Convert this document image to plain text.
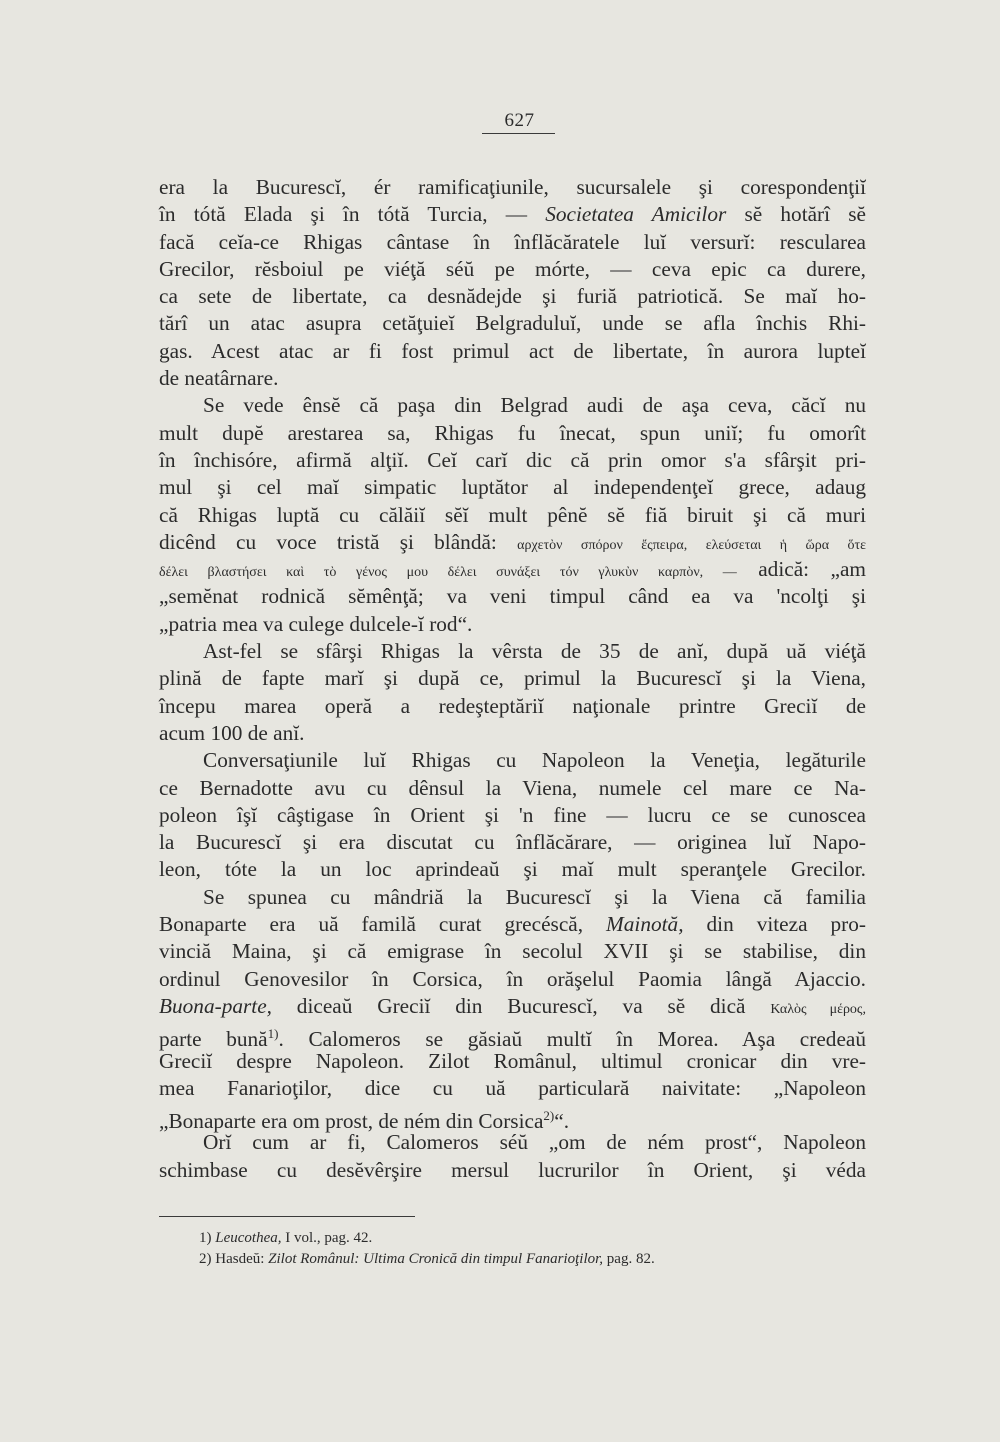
627
era la Bucurescĭ, ér ramificaţiunile, sucursalele şi corespondenţiĭ
în tótă Elada şi în tótă Turcia, — Societatea Amicilor sĕ hotărî sĕ
facă ceĭa-ce Rhigas cântase în înflăcăratele luĭ versurĭ: resculareа
Grecilor, rĕsboiul pe viéţă séŭ pe mórte, — ceva epic ca durere,
ca sete de libertate, ca desnădejde şi furiă patriotică. Se maĭ ho-
tărî un atac asupra cetăţuieĭ Belgraduluĭ, unde se afla închis Rhi-
gas. Acest atac ar fi fost primul act de libertate, în aurora lupteĭ
de neatârnare.
Se vede ênsĕ că paşa din Belgrad audi de aşa ceva, căcĭ nu
mult dupĕ arestarea sa, Rhigas fu înecat, spun uniĭ; fu omorît
în închisóre, afirmă alţiĭ. Ceĭ carĭ dic că prin omor s'a sfârşit pri-
mul şi cel maĭ simpatic luptător al independenţeĭ grece, adaug
că Rhigas luptă cu călăiĭ sĕĭ mult pênĕ sĕ fiă biruit şi că muri
dicênd cu voce tristă şi blândă: αρχετὸν σπόρον ἔςπειρα, ελεύσεται ἡ ὥρα ὅτε
δέλει βλαστήσει καὶ τὸ γένος μου δέλει συνάξει τόν γλυκὺν καρπὸν, — adică: „am
„semĕnat rodnică sĕmênţă; va veni timpul când ea va 'ncolţi şi
„patria mea va culege dulcele-ĭ rod“.
Ast-fel se sfârşi Rhigas la vêrsta de 35 de anĭ, după uă viéţă
plină de fapte marĭ şi după ce, primul la Bucurescĭ şi la Viena,
începu marea operă a redeşteptăriĭ naţionale printre Greciĭ de
acum 100 de anĭ.
Conversaţiunile luĭ Rhigas cu Napoleon la Veneţia, legăturile
ce Bernadotte avu cu dênsul la Viena, numele cel mare ce Na-
poleon îşĭ câştigase în Orient şi 'n fine — lucru ce se cunoscea
la Bucurescĭ şi era discutat cu înflăcărare, — originea luĭ Napo-
leon, tóte la un loc aprindeaŭ şi maĭ mult speranţele Grecilor.
Se spunea cu mândriă la Bucurescĭ şi la Viena că familia
Bonaparte era uă familă curat grecéscă, Mainotă, din viteza pro-
vinciă Maina, şi că emigrase în secolul XVII şi se stabilise, din
ordinul Genovesilor în Corsica, în orăşelul Paomia lângă Ajaccio.
Buona-parte, diceaŭ Greciĭ din Bucurescĭ, va sĕ dică Καλὸς μέρος,
parte bună$^{1)}$. Calomeros se găsiaŭ multĭ în Morea. Aşa credeaŭ
Greciĭ despre Napoleon. Zilot Românul, ultimul cronicar din vre-
mea Fanarioţilor, dice cu uă particulară naivitate: „Napoleon
„Bonaparte era om prost, de ném din Corsica$^{2)}$“.
Orĭ cum ar fi, Calomeros séŭ „om de ném prost“, Napoleon
schimbase cu desĕvêrşire mersul lucrurilor în Orient, şi véda
1) Leucothea, I vol., pag. 42.
2) Hasdeŭ: Zilot Românul: Ultima Cronică din timpul Fanarioţilor, pag. 82.
